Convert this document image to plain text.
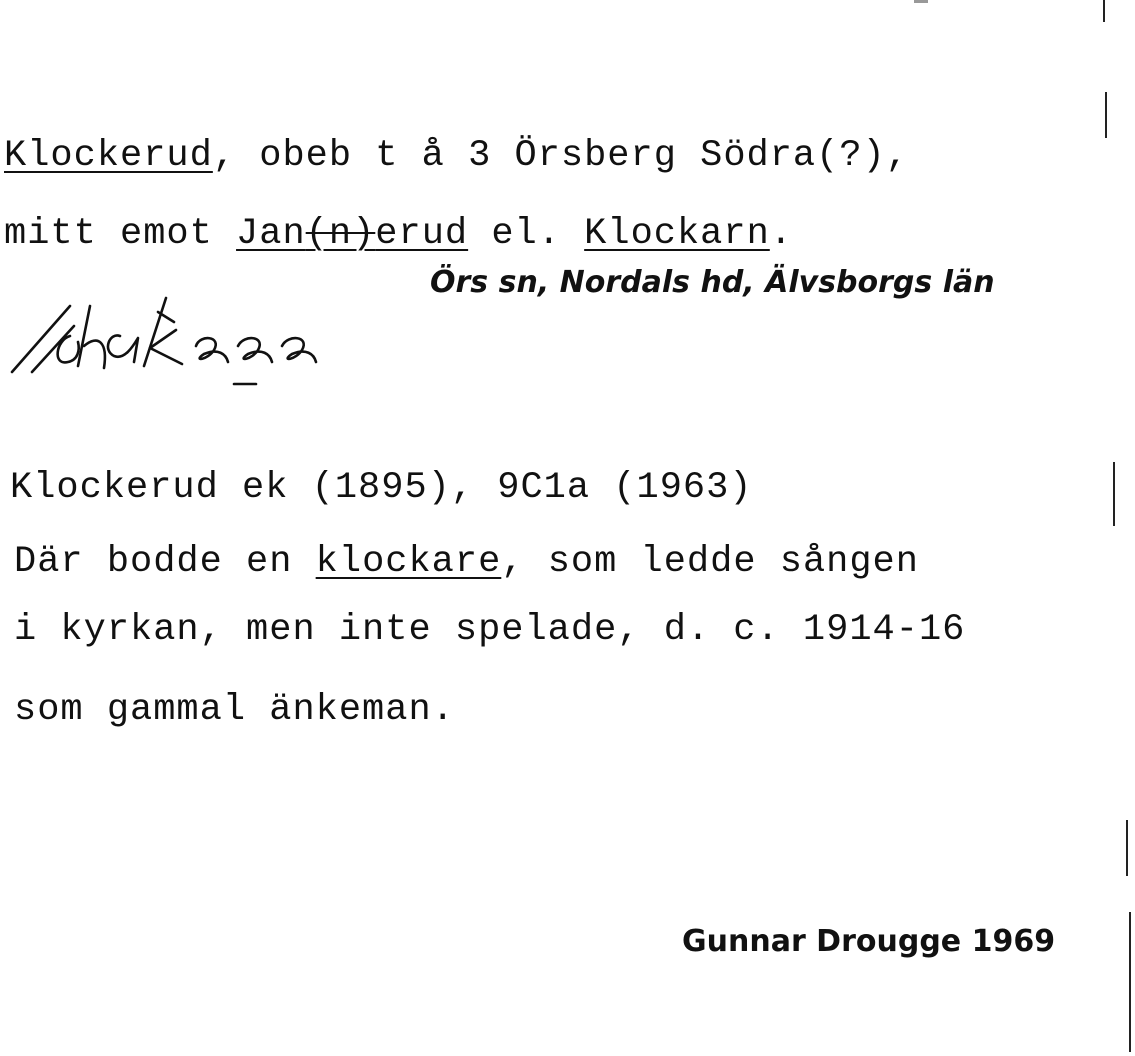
Klockerud, obeb t å 3 Örsberg Södra(?),
mitt emot Jan(n)erud el. Klockarn.
Örs sn, Nordals hd, Älvsborgs län
Klockerud ek (1895), 9C1a (1963)
Där bodde en klockare, som ledde sången
i kyrkan, men inte spelade, d. c. 1914-16
som gammal änkeman.
Gunnar Drougge 1969
